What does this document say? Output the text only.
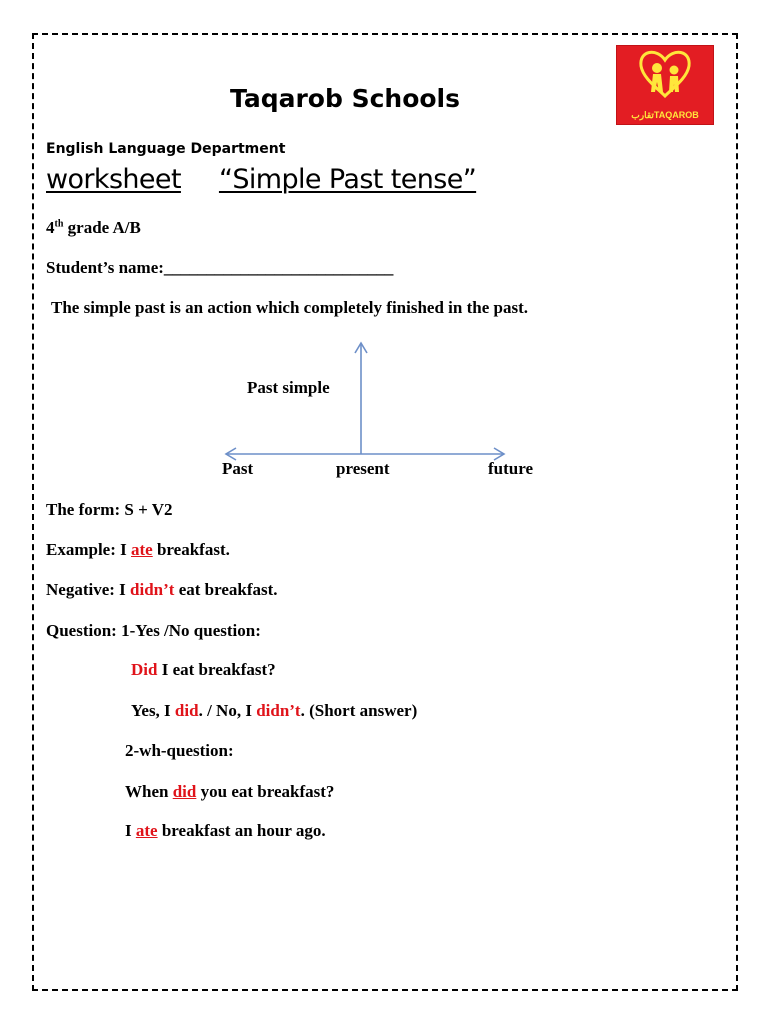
Taqarob Schools
ﺗﻘﺎﺭﺏTAQAROB
English Language Department
worksheet “Simple Past tense”
4th grade A/B
Student’s name:___________________________
The simple past is an action which completely finished in the past.
Past simple
Past	present	future
The form: S + V2
Example: I ate breakfast.
Negative: I didn’t eat breakfast.
Question: 1-Yes /No question:
Did I eat breakfast?
Yes, I did. / No, I didn’t. (Short answer)
2-wh-question:
When did you eat breakfast?
I ate breakfast an hour ago.
